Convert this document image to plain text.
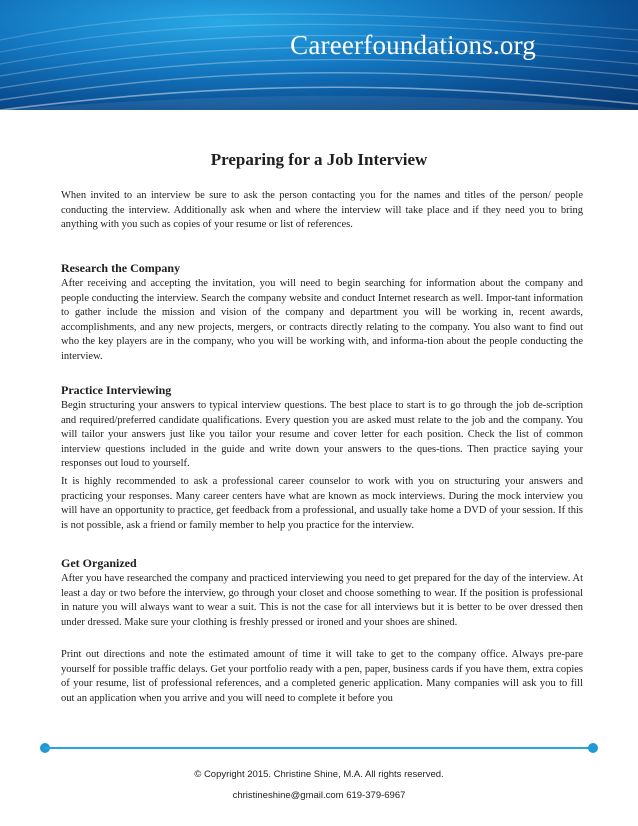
Careerfoundations.org
Preparing for a Job Interview

When invited to an interview be sure to ask the person contacting you for the names and titles of the person/ people conducting the interview. Additionally ask when and where the interview will take place and if they need you to bring anything with you such as copies of your resume or list of references.

Research the Company

After receiving and accepting the invitation, you will need to begin searching for information about the company and people conducting the interview. Search the company website and conduct Internet research as well. Impor-tant information to gather include the mission and vision of the company and department you will be working in, recent awards, accomplishments, and any new projects, mergers, or contracts directly relating to the company. You also want to find out who the key players are in the company, who you will be working with, and informa-tion about the people conducting the interview.

Practice Interviewing

Begin structuring your answers to typical interview questions. The best place to start is to go through the job de-scription and required/preferred candidate qualifications. Every question you are asked must relate to the job and the company. You will tailor your answers just like you tailor your resume and cover letter for each position. Check the list of common interview questions included in the guide and write down your answers to the ques-tions. Then practice saying your responses out loud to yourself.

It is highly recommended to ask a professional career counselor to work with you on structuring your answers and practicing your responses. Many career centers have what are known as mock interviews. During the mock interview you will have an opportunity to practice, get feedback from a professional, and usually take home a DVD of your session. If this is not possible, ask a friend or family member to help you practice for the interview.

Get Organized

After you have researched the company and practiced interviewing you need to get prepared for the day of the interview. At least a day or two before the interview, go through your closet and choose something to wear. If the position is professional in nature you will always want to wear a suit. This is not the case for all interviews but it is better to be over dressed then under dressed. Make sure your clothing is freshly pressed or ironed and your shoes are shined.

Print out directions and note the estimated amount of time it will take to get to the company office. Always pre-pare yourself for possible traffic delays. Get your portfolio ready with a pen, paper, business cards if you have them, extra copies of your resume, list of professional references, and a completed generic application. Many companies will ask you to fill out an application when you arrive and you will need to complete it before you

© Copyright 2015. Christine Shine, M.A. All rights reserved.
christineshine@gmail.com 619-379-6967
